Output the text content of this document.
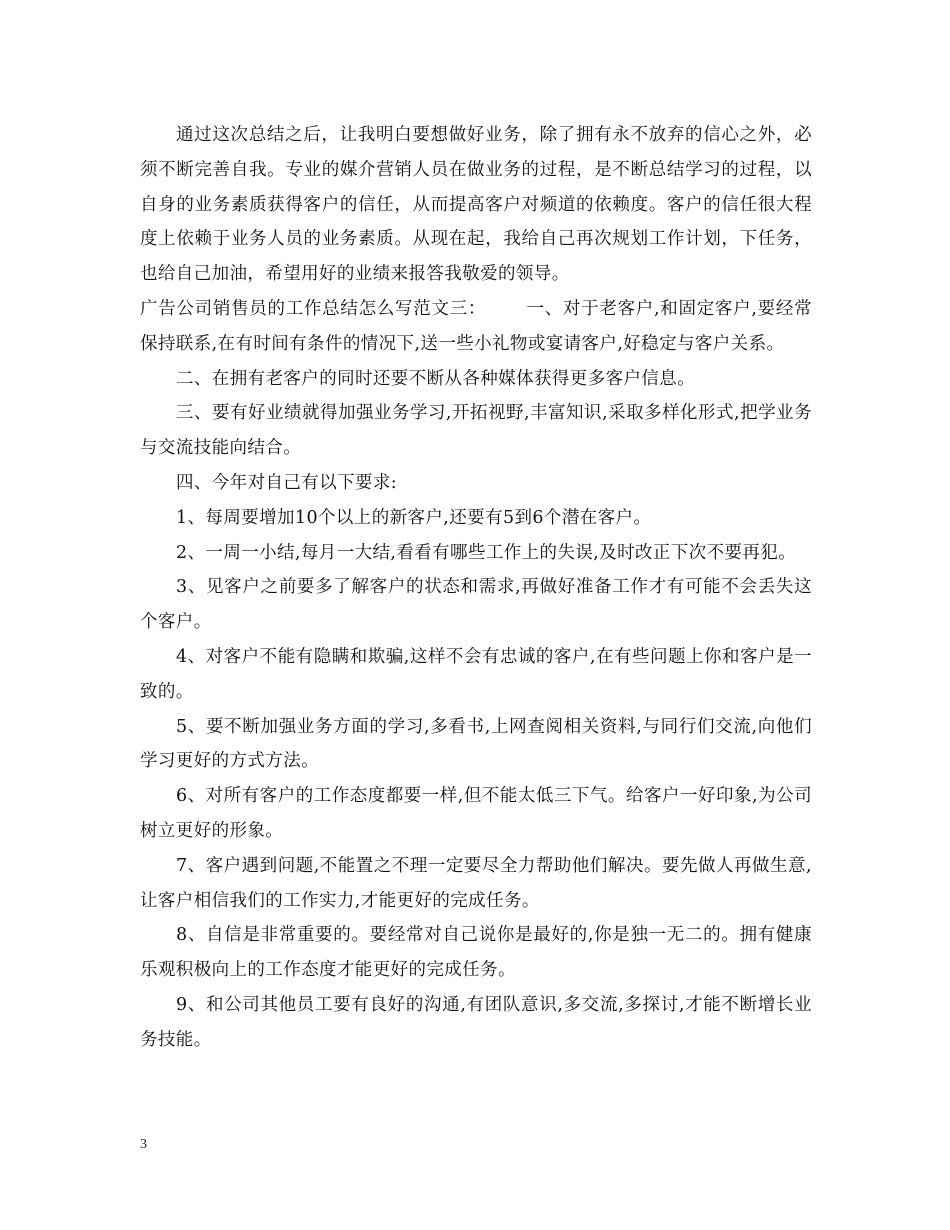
通过这次总结之后，让我明白要想做好业务，除了拥有永不放弃的信心之外，必须不断完善自我。专业的媒介营销人员在做业务的过程，是不断总结学习的过程，以自身的业务素质获得客户的信任，从而提高客户对频道的依赖度。客户的信任很大程度上依赖于业务人员的业务素质。从现在起，我给自己再次规划工作计划，下任务，也给自己加油，希望用好的业绩来报答我敬爱的领导。

广告公司销售员的工作总结怎么写范文三： 一、对于老客户,和固定客户,要经常保持联系,在有时间有条件的情况下,送一些小礼物或宴请客户,好稳定与客户关系。

二、在拥有老客户的同时还要不断从各种媒体获得更多客户信息。

三、要有好业绩就得加强业务学习,开拓视野,丰富知识,采取多样化形式,把学业务与交流技能向结合。

四、今年对自己有以下要求:

1、每周要增加10个以上的新客户,还要有5到6个潜在客户。

2、一周一小结,每月一大结,看看有哪些工作上的失误,及时改正下次不要再犯。

3、见客户之前要多了解客户的状态和需求,再做好准备工作才有可能不会丢失这个客户。

4、对客户不能有隐瞒和欺骗,这样不会有忠诚的客户,在有些问题上你和客户是一致的。

5、要不断加强业务方面的学习,多看书,上网查阅相关资料,与同行们交流,向他们学习更好的方式方法。

6、对所有客户的工作态度都要一样,但不能太低三下气。给客户一好印象,为公司树立更好的形象。

7、客户遇到问题,不能置之不理一定要尽全力帮助他们解决。要先做人再做生意,让客户相信我们的工作实力,才能更好的完成任务。

8、自信是非常重要的。要经常对自己说你是最好的,你是独一无二的。拥有健康乐观积极向上的工作态度才能更好的完成任务。

9、和公司其他员工要有良好的沟通,有团队意识,多交流,多探讨,才能不断增长业务技能。

3
